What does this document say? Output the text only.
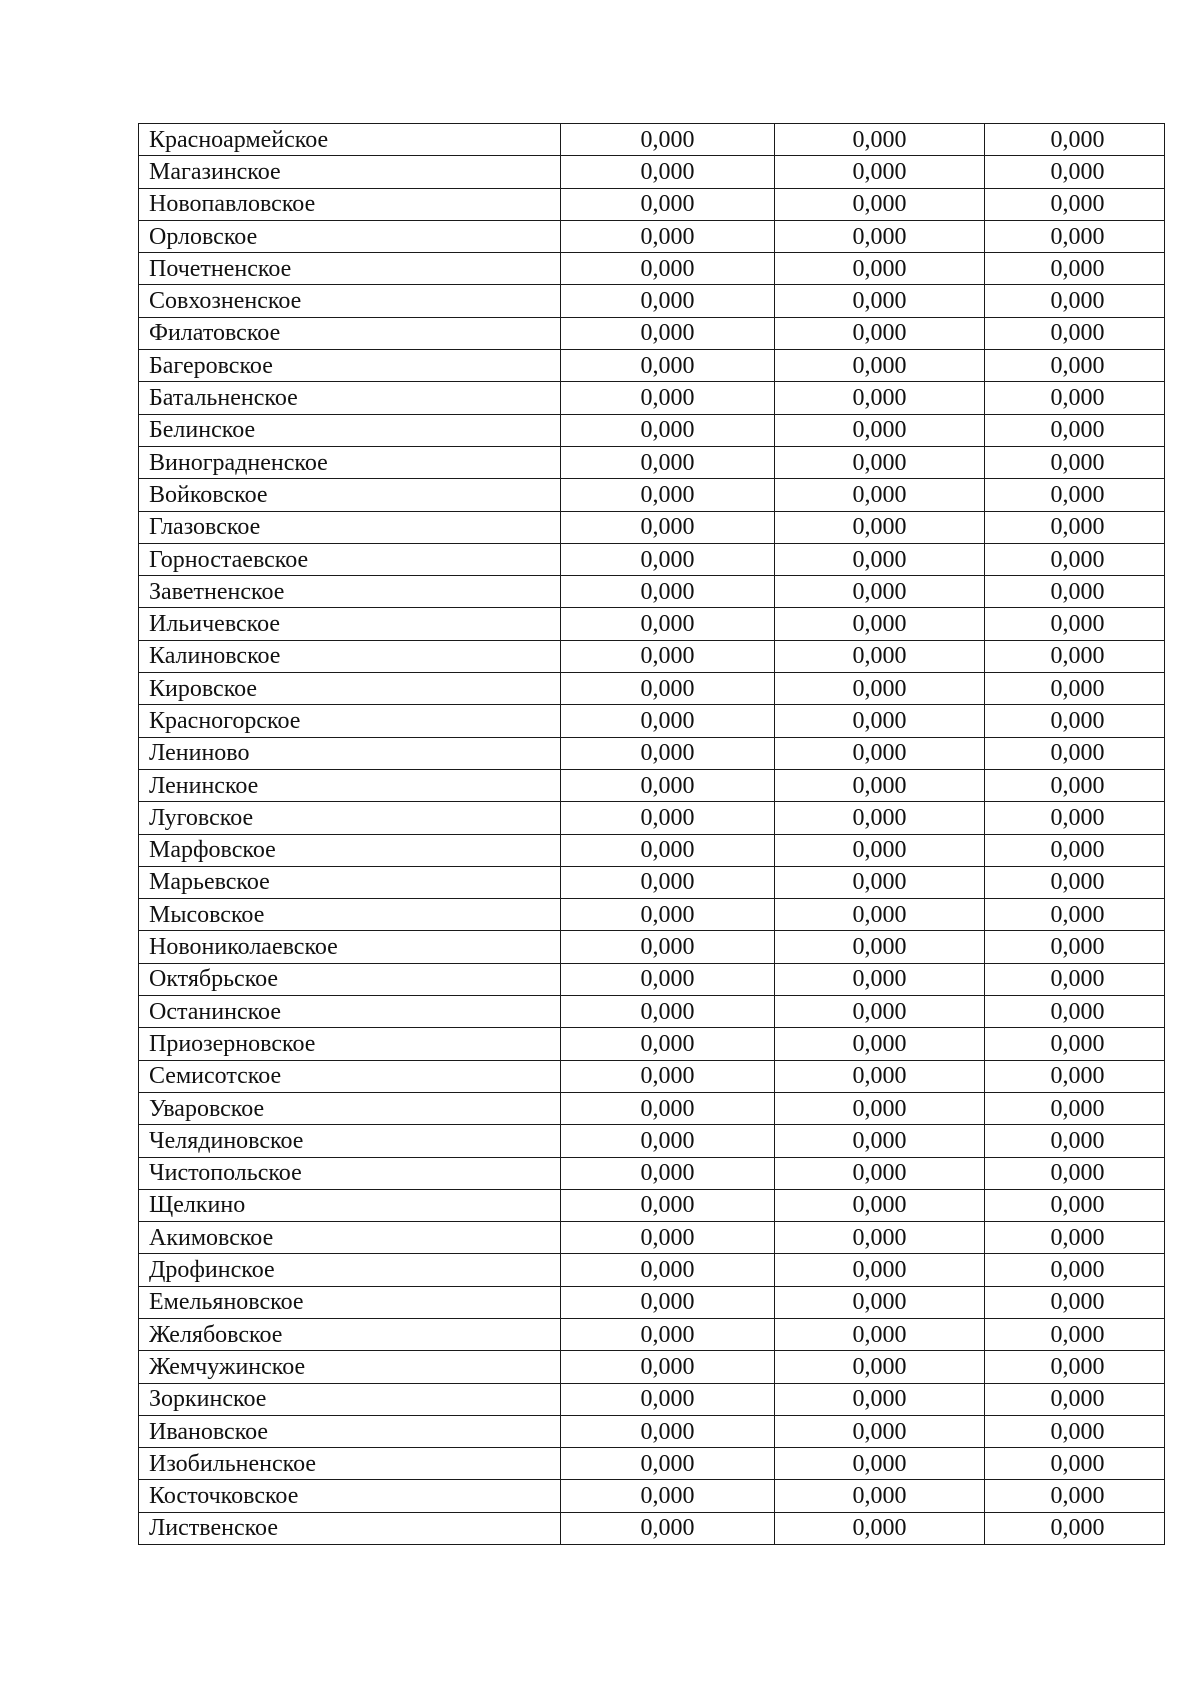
Красноармейское	0,000	0,000	0,000
Магазинское	0,000	0,000	0,000
Новопавловское	0,000	0,000	0,000
Орловское	0,000	0,000	0,000
Почетненское	0,000	0,000	0,000
Совхозненское	0,000	0,000	0,000
Филатовское	0,000	0,000	0,000
Багеровское	0,000	0,000	0,000
Батальненское	0,000	0,000	0,000
Белинское	0,000	0,000	0,000
Виноградненское	0,000	0,000	0,000
Войковское	0,000	0,000	0,000
Глазовское	0,000	0,000	0,000
Горностаевское	0,000	0,000	0,000
Заветненское	0,000	0,000	0,000
Ильичевское	0,000	0,000	0,000
Калиновское	0,000	0,000	0,000
Кировское	0,000	0,000	0,000
Красногорское	0,000	0,000	0,000
Лениново	0,000	0,000	0,000
Ленинское	0,000	0,000	0,000
Луговское	0,000	0,000	0,000
Марфовское	0,000	0,000	0,000
Марьевское	0,000	0,000	0,000
Мысовское	0,000	0,000	0,000
Новониколаевское	0,000	0,000	0,000
Октябрьское	0,000	0,000	0,000
Останинское	0,000	0,000	0,000
Приозерновское	0,000	0,000	0,000
Семисотское	0,000	0,000	0,000
Уваровское	0,000	0,000	0,000
Челядиновское	0,000	0,000	0,000
Чистопольское	0,000	0,000	0,000
Щелкино	0,000	0,000	0,000
Акимовское	0,000	0,000	0,000
Дрофинское	0,000	0,000	0,000
Емельяновское	0,000	0,000	0,000
Желябовское	0,000	0,000	0,000
Жемчужинское	0,000	0,000	0,000
Зоркинское	0,000	0,000	0,000
Ивановское	0,000	0,000	0,000
Изобильненское	0,000	0,000	0,000
Косточковское	0,000	0,000	0,000
Лиственское	0,000	0,000	0,000
